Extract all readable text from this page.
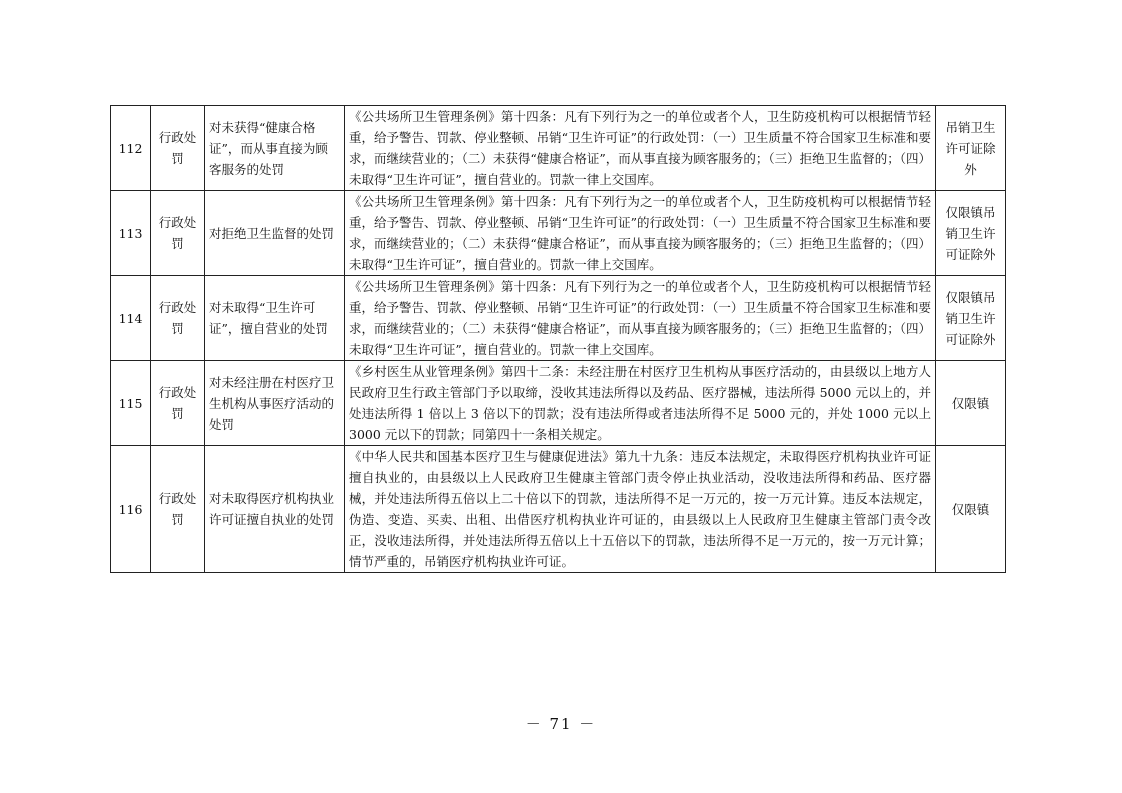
112	行政处罚	对未获得“健康合格证”，而从事直接为顾客服务的处罚	《公共场所卫生管理条例》第十四条：凡有下列行为之一的单位或者个人，卫生防疫机构可以根据情节轻重，给予警告、罚款、停业整顿、吊销“卫生许可证”的行政处罚：（一）卫生质量不符合国家卫生标准和要求，而继续营业的；（二）未获得“健康合格证”，而从事直接为顾客服务的；（三）拒绝卫生监督的；（四）未取得“卫生许可证”，擅自营业的。罚款一律上交国库。	吊销卫生许可证除外
113	行政处罚	对拒绝卫生监督的处罚	《公共场所卫生管理条例》第十四条：凡有下列行为之一的单位或者个人，卫生防疫机构可以根据情节轻重，给予警告、罚款、停业整顿、吊销“卫生许可证”的行政处罚：（一）卫生质量不符合国家卫生标准和要求，而继续营业的；（二）未获得“健康合格证”，而从事直接为顾客服务的；（三）拒绝卫生监督的；（四）未取得“卫生许可证”，擅自营业的。罚款一律上交国库。	仅限镇吊销卫生许可证除外
114	行政处罚	对未取得“卫生许可证”，擅自营业的处罚	《公共场所卫生管理条例》第十四条：凡有下列行为之一的单位或者个人，卫生防疫机构可以根据情节轻重，给予警告、罚款、停业整顿、吊销“卫生许可证”的行政处罚：（一）卫生质量不符合国家卫生标准和要求，而继续营业的；（二）未获得“健康合格证”，而从事直接为顾客服务的；（三）拒绝卫生监督的；（四）未取得“卫生许可证”，擅自营业的。罚款一律上交国库。	仅限镇吊销卫生许可证除外
115	行政处罚	对未经注册在村医疗卫生机构从事医疗活动的处罚	《乡村医生从业管理条例》第四十二条：未经注册在村医疗卫生机构从事医疗活动的，由县级以上地方人民政府卫生行政主管部门予以取缔，没收其违法所得以及药品、医疗器械，违法所得 5000 元以上的，并处违法所得 1 倍以上 3 倍以下的罚款；没有违法所得或者违法所得不足 5000 元的，并处 1000 元以上 3000 元以下的罚款；同第四十一条相关规定。	仅限镇
116	行政处罚	对未取得医疗机构执业许可证擅自执业的处罚	《中华人民共和国基本医疗卫生与健康促进法》第九十九条：违反本法规定，未取得医疗机构执业许可证擅自执业的，由县级以上人民政府卫生健康主管部门责令停止执业活动，没收违法所得和药品、医疗器械，并处违法所得五倍以上二十倍以下的罚款，违法所得不足一万元的，按一万元计算。违反本法规定，伪造、变造、买卖、出租、出借医疗机构执业许可证的，由县级以上人民政府卫生健康主管部门责令改正，没收违法所得，并处违法所得五倍以上十五倍以下的罚款，违法所得不足一万元的，按一万元计算；情节严重的，吊销医疗机构执业许可证。	仅限镇
－ 71 －
